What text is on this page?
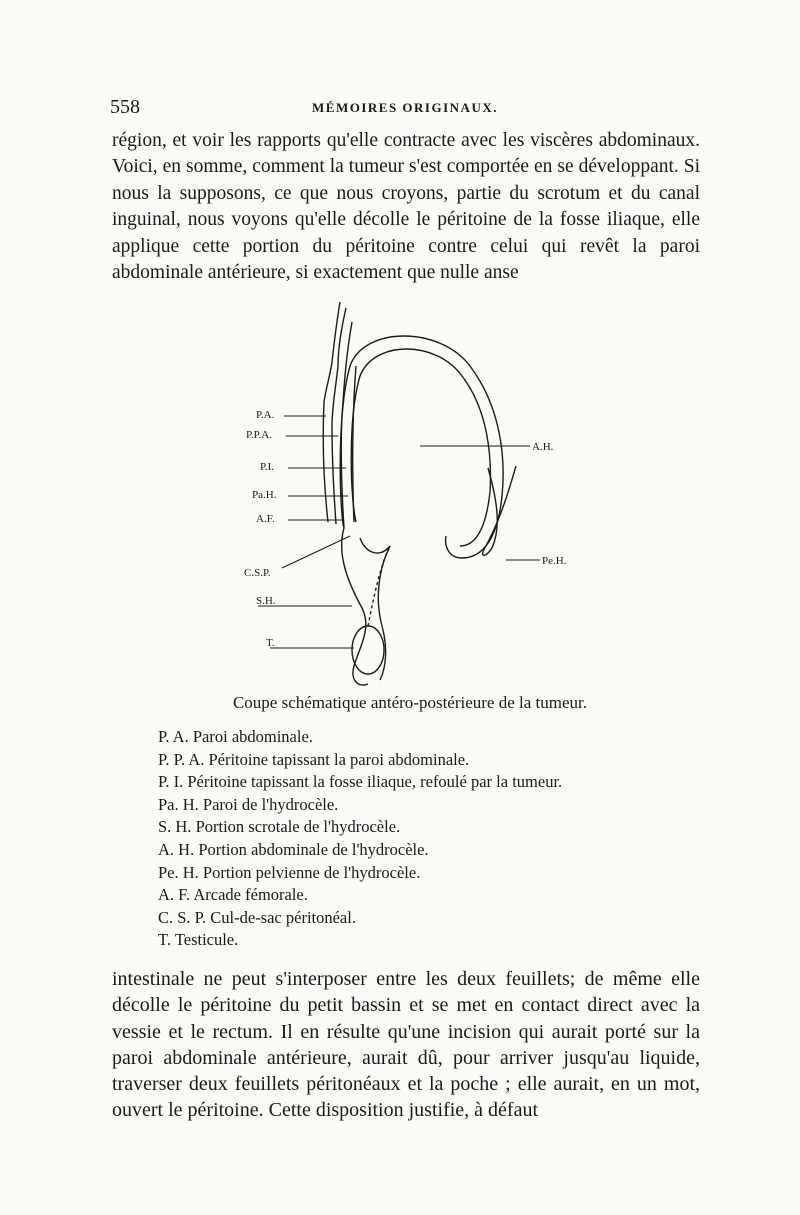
558	MÉMOIRES ORIGINAUX.

région, et voir les rapports qu'elle contracte avec les viscères abdominaux. Voici, en somme, comment la tumeur s'est comportée en se développant. Si nous la supposons, ce que nous croyons, partie du scrotum et du canal inguinal, nous voyons qu'elle décolle le péritoine de la fosse iliaque, elle applique cette portion du péritoine contre celui qui revêt la paroi abdominale antérieure, si exactement que nulle anse

P.A.
P.P.A.
P.I.
Pa.H.
A.F.
C.S.P.
S.H.
T.
A.H.
Pe.H.
Coupe schématique antéro-postérieure de la tumeur.
P. A. Paroi abdominale.
P. P. A. Péritoine tapissant la paroi abdominale.
P. I. Péritoine tapissant la fosse iliaque, refoulé par la tumeur.
Pa. H. Paroi de l'hydrocèle.
S. H. Portion scrotale de l'hydrocèle.
A. H. Portion abdominale de l'hydrocèle.
Pe. H. Portion pelvienne de l'hydrocèle.
A. F. Arcade fémorale.
C. S. P. Cul-de-sac péritonéal.
T. Testicule.

intestinale ne peut s'interposer entre les deux feuillets; de même elle décolle le péritoine du petit bassin et se met en contact direct avec la vessie et le rectum. Il en résulte qu'une incision qui aurait porté sur la paroi abdominale antérieure, aurait dû, pour arriver jusqu'au liquide, traverser deux feuillets péritonéaux et la poche ; elle aurait, en un mot, ouvert le péritoine. Cette disposition justifie, à défaut
